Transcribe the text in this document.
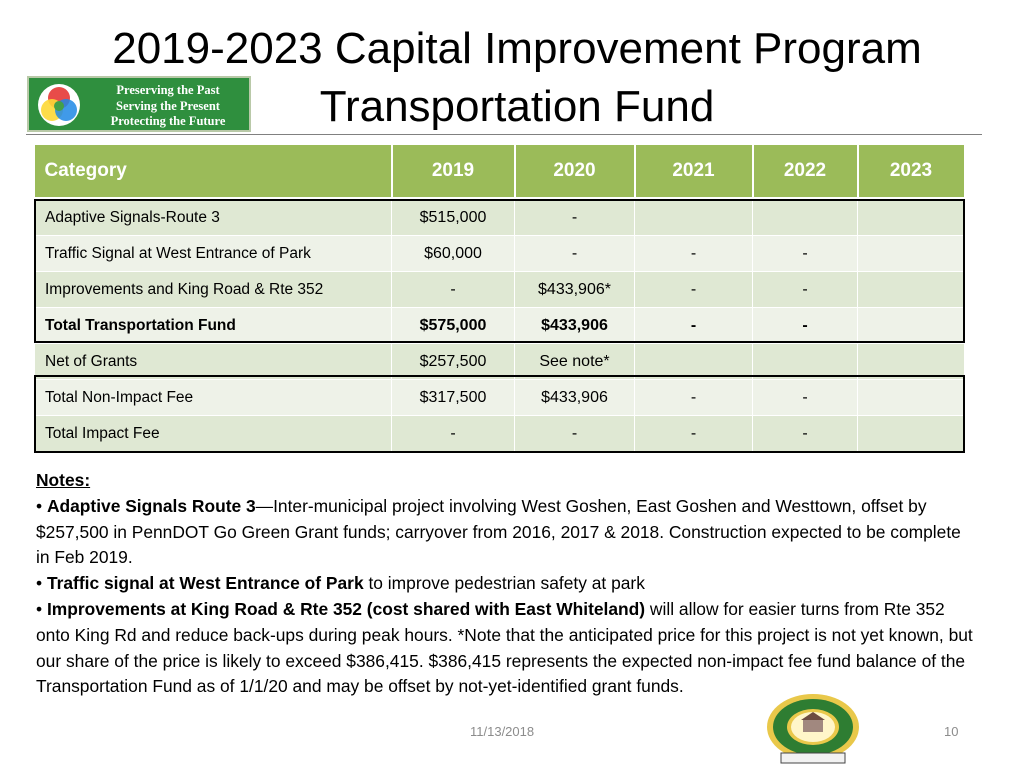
2019-2023 Capital Improvement Program
Transportation Fund
Preserving the Past
Serving the Present
Protecting the Future
Category	2019	2020	2021	2022	2023
Adaptive Signals-Route 3	$515,000	-			
Traffic Signal at West Entrance of Park	$60,000	-	-	-	
Improvements and King Road & Rte 352	-	$433,906*	-	-	
Total Transportation Fund	$575,000	$433,906	-	-	
Net of Grants	$257,500	See note*			
Total Non-Impact Fee	$317,500	$433,906	-	-	
Total Impact Fee	-	-	-	-	
Notes:
• Adaptive Signals Route 3—Inter-municipal project involving West Goshen, East Goshen and Westtown, offset by $257,500 in PennDOT Go Green Grant funds; carryover from 2016, 2017 & 2018. Construction expected to be complete in Feb 2019.
• Traffic signal at West Entrance of Park to improve pedestrian safety at park
• Improvements at King Road & Rte 352 (cost shared with East Whiteland) will allow for easier turns from Rte 352 onto King Rd and reduce back-ups during peak hours. *Note that the anticipated price for this project is not yet known, but our share of the price is likely to exceed $386,415. $386,415 represents the expected non-impact fee fund balance of the Transportation Fund as of 1/1/20 and may be offset by not-yet-identified grant funds.
11/13/2018	10
